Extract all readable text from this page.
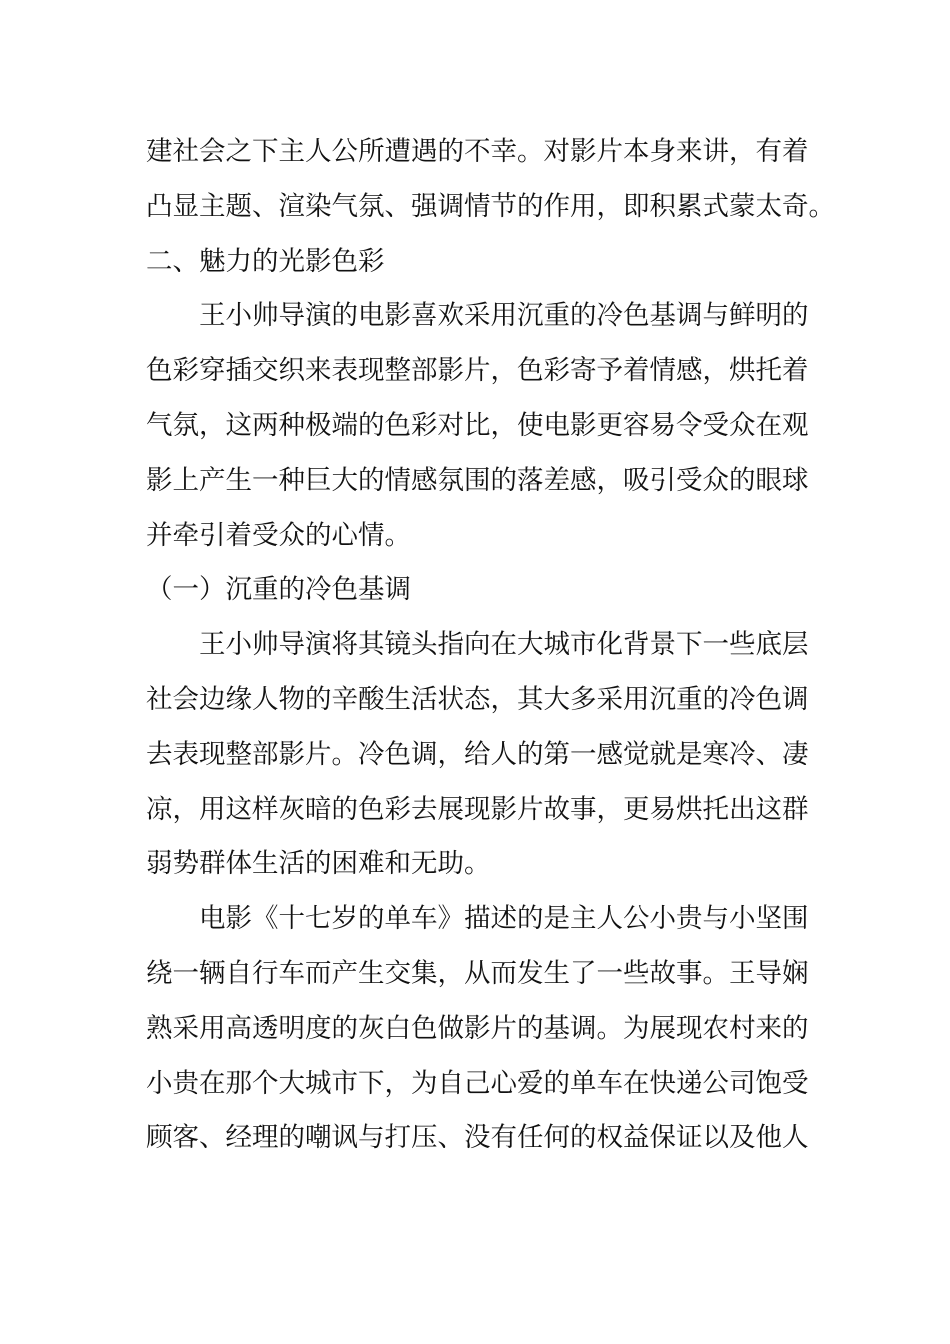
建社会之下主人公所遭遇的不幸。对影片本身来讲，有着

凸显主题、渲染气氛、强调情节的作用，即积累式蒙太奇。

二、魅力的光影色彩

王小帅导演的电影喜欢采用沉重的冷色基调与鲜明的

色彩穿插交织来表现整部影片，色彩寄予着情感，烘托着

气氛，这两种极端的色彩对比，使电影更容易令受众在观

影上产生一种巨大的情感氛围的落差感，吸引受众的眼球

并牵引着受众的心情。

（一）沉重的冷色基调

王小帅导演将其镜头指向在大城市化背景下一些底层

社会边缘人物的辛酸生活状态，其大多采用沉重的冷色调

去表现整部影片。冷色调，给人的第一感觉就是寒冷、凄

凉，用这样灰暗的色彩去展现影片故事，更易烘托出这群

弱势群体生活的困难和无助。

电影《十七岁的单车》描述的是主人公小贵与小坚围

绕一辆自行车而产生交集，从而发生了一些故事。王导娴

熟采用高透明度的灰白色做影片的基调。为展现农村来的

小贵在那个大城市下，为自己心爱的单车在快递公司饱受

顾客、经理的嘲讽与打压、没有任何的权益保证以及他人
